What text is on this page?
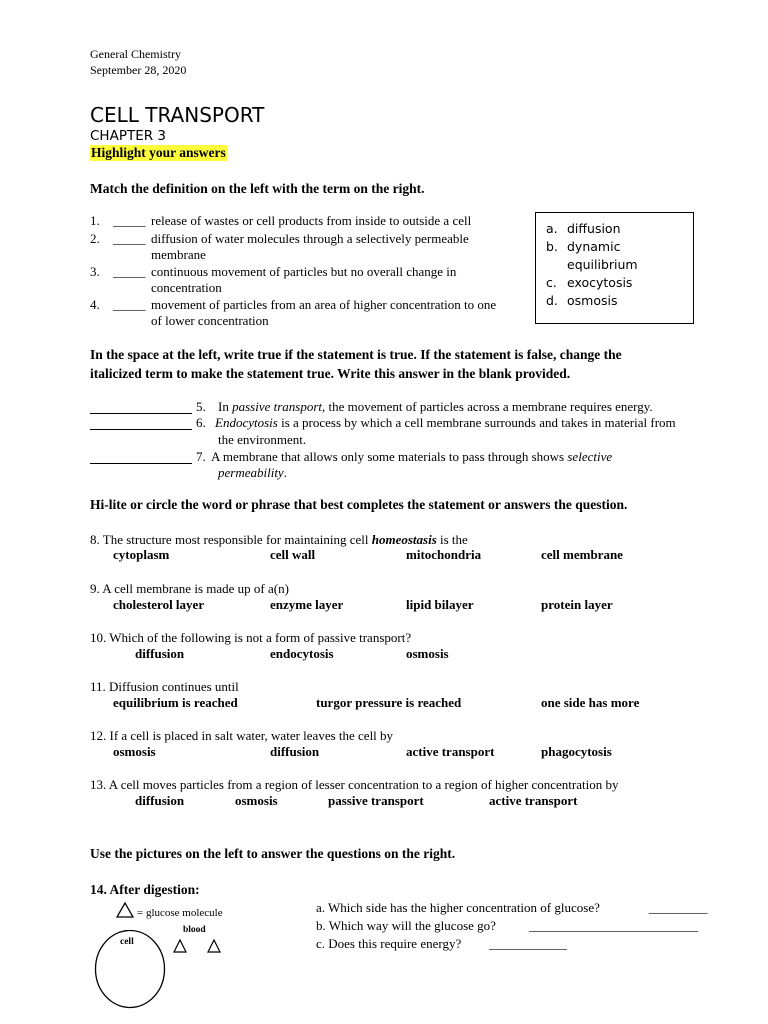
General Chemistry
September 28, 2020
CELL TRANSPORT
CHAPTER 3
Highlight your answers
Match the definition on the left with the term on the right.
1. _____ release of wastes or cell products from inside to outside a cell
2. _____ diffusion of water molecules through a selectively permeable
membrane
3. _____ continuous movement of particles but no overall change in
concentration
4. _____ movement of particles from an area of higher concentration to one
of lower concentration
a. diffusion
b. dynamic
equilibrium
c. exocytosis
d. osmosis
In the space at the left, write true if the statement is true. If the statement is false, change the
italicized term to make the statement true. Write this answer in the blank provided.
5. In passive transport, the movement of particles across a membrane requires energy.
6. Endocytosis is a process by which a cell membrane surrounds and takes in material from
the environment.
7. A membrane that allows only some materials to pass through shows selective
permeability.
Hi-lite or circle the word or phrase that best completes the statement or answers the question.
8. The structure most responsible for maintaining cell homeostasis is the
cytoplasm	cell wall	mitochondria	cell membrane
9. A cell membrane is made up of a(n)
cholesterol layer	enzyme layer	lipid bilayer	protein layer
10. Which of the following is not a form of passive transport?
diffusion	endocytosis	osmosis
11. Diffusion continues until
equilibrium is reached	turgor pressure is reached	one side has more
12. If a cell is placed in salt water, water leaves the cell by
osmosis	diffusion	active transport	phagocytosis
13. A cell moves particles from a region of lesser concentration to a region of higher concentration by
diffusion	osmosis	passive transport	active transport
Use the pictures on the left to answer the questions on the right.
14. After digestion:
= glucose molecule
blood
cell
a. Which side has the higher concentration of glucose?	_________
b. Which way will the glucose go?	__________________________
c. Does this require energy? ____________
